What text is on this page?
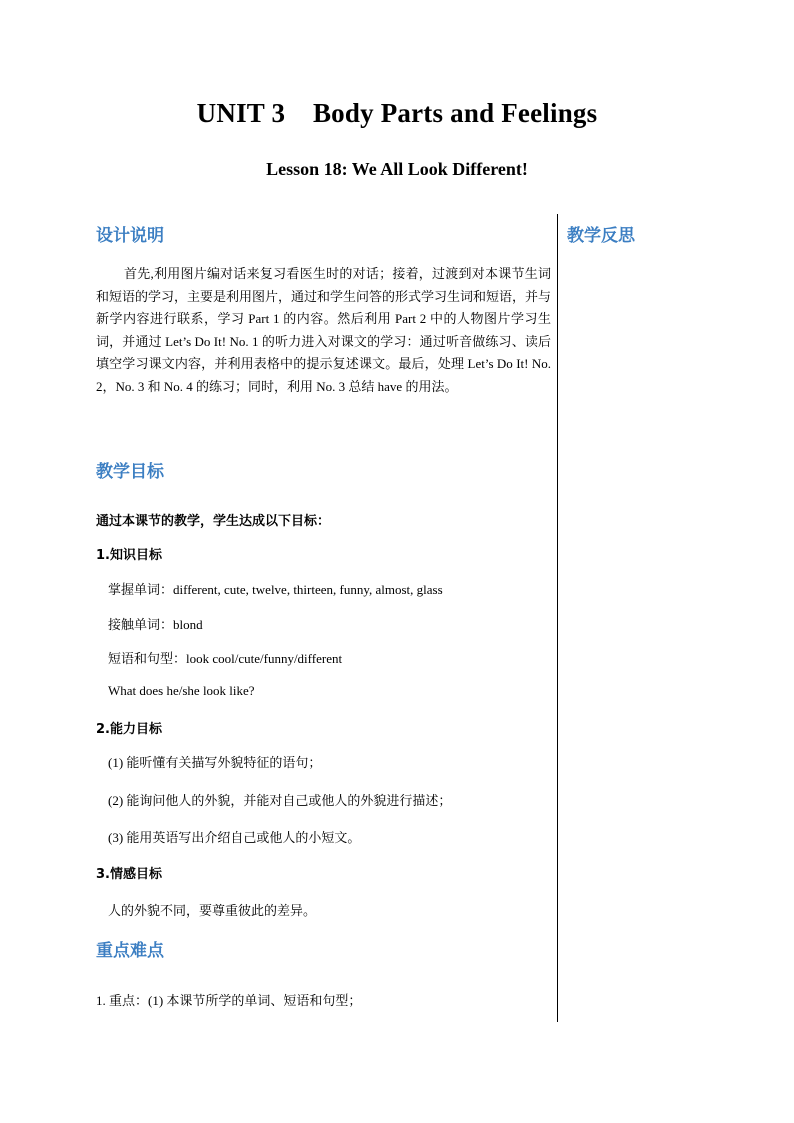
UNIT 3    Body Parts and Feelings
Lesson 18: We All Look Different!
教学反思
设计说明

首先,利用图片编对话来复习看医生时的对话；接着，过渡到对本课节生词和短语的学习，主要是利用图片，通过和学生问答的形式学习生词和短语，并与新学内容进行联系，学习 Part 1 的内容。然后利用 Part 2 中的人物图片学习生词，并通过 Let’s Do It! No. 1 的听力进入对课文的学习：通过听音做练习、读后填空学习课文内容，并利用表格中的提示复述课文。最后，处理 Let’s Do It! No. 2，No. 3 和 No. 4 的练习；同时，利用 No. 3 总结 have 的用法。

教学目标
通过本课节的教学，学生达成以下目标：
1.知识目标
掌握单词：different, cute, twelve, thirteen, funny, almost, glass
接触单词：blond
短语和句型：look cool/cute/funny/different
What does he/she look like?
2.能力目标
(1) 能听懂有关描写外貌特征的语句；
(2) 能询问他人的外貌，并能对自己或他人的外貌进行描述；
(3) 能用英语写出介绍自己或他人的小短文。
3.情感目标
人的外貌不同，要尊重彼此的差异。
重点难点
1. 重点：(1) 本课节所学的单词、短语和句型；
